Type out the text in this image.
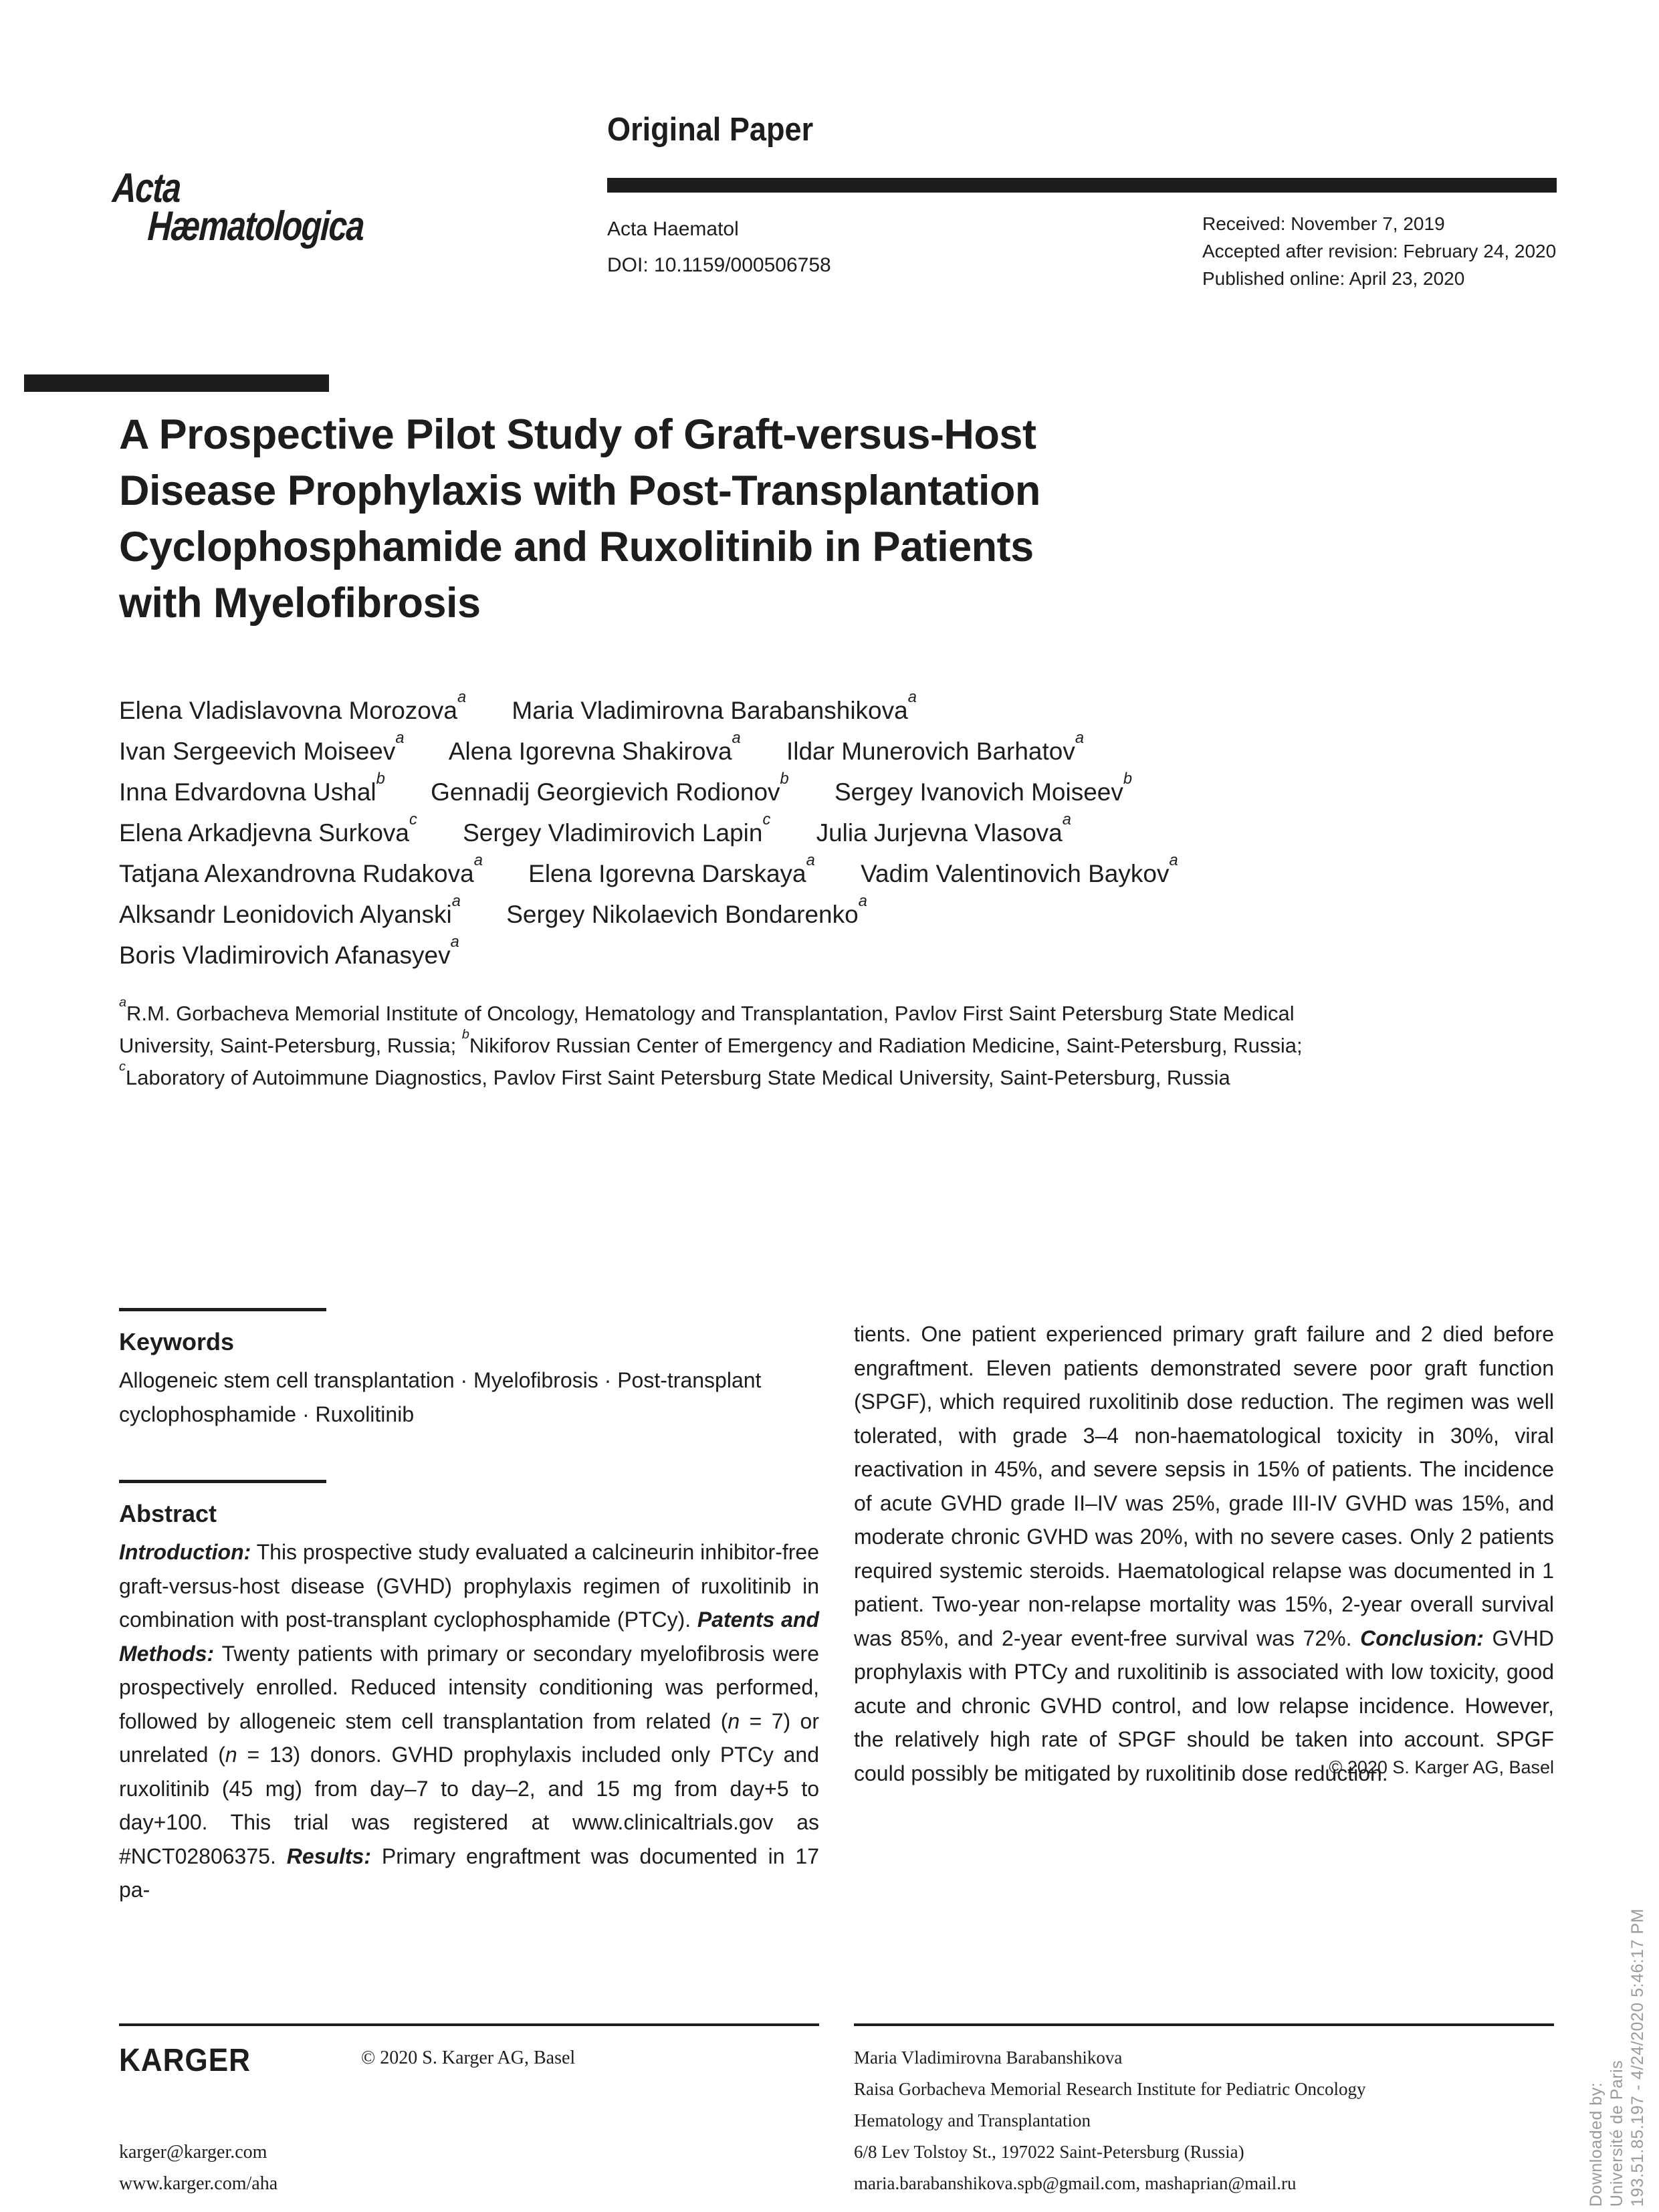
Original Paper
Acta
Hæmatologica	Acta Haematol
DOI: 10.1159/000506758
Received: November 7, 2019
Accepted after revision: February 24, 2020
Published online: April 23, 2020
A Prospective Pilot Study of Graft-versus-Host
Disease Prophylaxis with Post-Transplantation
Cyclophosphamide and Ruxolitinib in Patients
with Myelofibrosis
Elena Vladislavovna Morozova$^a$ Maria Vladimirovna Barabanshikova$^a$
Ivan Sergeevich Moiseev$^a$ Alena Igorevna Shakirova$^a$ Ildar Munerovich Barhatov$^a$
Inna Edvardovna Ushal$^b$ Gennadij Georgievich Rodionov$^b$ Sergey Ivanovich Moiseev$^b$
Elena Arkadjevna Surkova$^c$ Sergey Vladimirovich Lapin$^c$ Julia Jurjevna Vlasova$^a$
Tatjana Alexandrovna Rudakova$^a$ Elena Igorevna Darskaya$^a$ Vadim Valentinovich Baykov$^a$
Alksandr Leonidovich Alyanski$^a$ Sergey Nikolaevich Bondarenko$^a$
Boris Vladimirovich Afanasyev$^a$

$^a$R.M. Gorbacheva Memorial Institute of Oncology, Hematology and Transplantation, Pavlov First Saint Petersburg State Medical University, Saint-Petersburg, Russia; $^b$Nikiforov Russian Center of Emergency and Radiation Medicine, Saint-Petersburg, Russia; $^c$Laboratory of Autoimmune Diagnostics, Pavlov First Saint Petersburg State Medical University, Saint-Petersburg, Russia

Keywords

Allogeneic stem cell transplantation · Myelofibrosis · Post-transplant cyclophosphamide · Ruxolitinib

Abstract

Introduction: This prospective study evaluated a calcineurin inhibitor-free graft-versus-host disease (GVHD) prophylaxis regimen of ruxolitinib in combination with post-transplant cyclophosphamide (PTCy). Patents and Methods: Twenty patients with primary or secondary myelofibrosis were prospectively enrolled. Reduced intensity conditioning was performed, followed by allogeneic stem cell transplantation from related (n = 7) or unrelated (n = 13) donors. GVHD prophylaxis included only PTCy and ruxolitinib (45 mg) from day–7 to day–2, and 15 mg from day+5 to day+100. This trial was registered at www.clinicaltrials.gov as #NCT02806375. Results: Primary engraftment was documented in 17 pa-

tients. One patient experienced primary graft failure and 2 died before engraftment. Eleven patients demonstrated severe poor graft function (SPGF), which required ruxolitinib dose reduction. The regimen was well tolerated, with grade 3–4 non-haematological toxicity in 30%, viral reactivation in 45%, and severe sepsis in 15% of patients. The incidence of acute GVHD grade II–IV was 25%, grade III-IV GVHD was 15%, and moderate chronic GVHD was 20%, with no severe cases. Only 2 patients required systemic steroids. Haematological relapse was documented in 1 patient. Two-year non-relapse mortality was 15%, 2-year overall survival was 85%, and 2-year event-free survival was 72%. Conclusion: GVHD prophylaxis with PTCy and ruxolitinib is associated with low toxicity, good acute and chronic GVHD control, and low relapse incidence. However, the relatively high rate of SPGF should be taken into account. SPGF could possibly be mitigated by ruxolitinib dose reduction.

© 2020 S. Karger AG, Basel
KARGER	© 2020 S. Karger AG, Basel
karger@karger.com
www.karger.com/aha
Maria Vladimirovna Barabanshikova
Raisa Gorbacheva Memorial Research Institute for Pediatric Oncology
Hematology and Transplantation
6/8 Lev Tolstoy St., 197022 Saint-Petersburg (Russia)
maria.barabanshikova.spb@gmail.com, mashaprian@mail.ru	Downloaded by: Université de Paris 193.51.85.197 - 4/24/2020 5:46:17 PM
